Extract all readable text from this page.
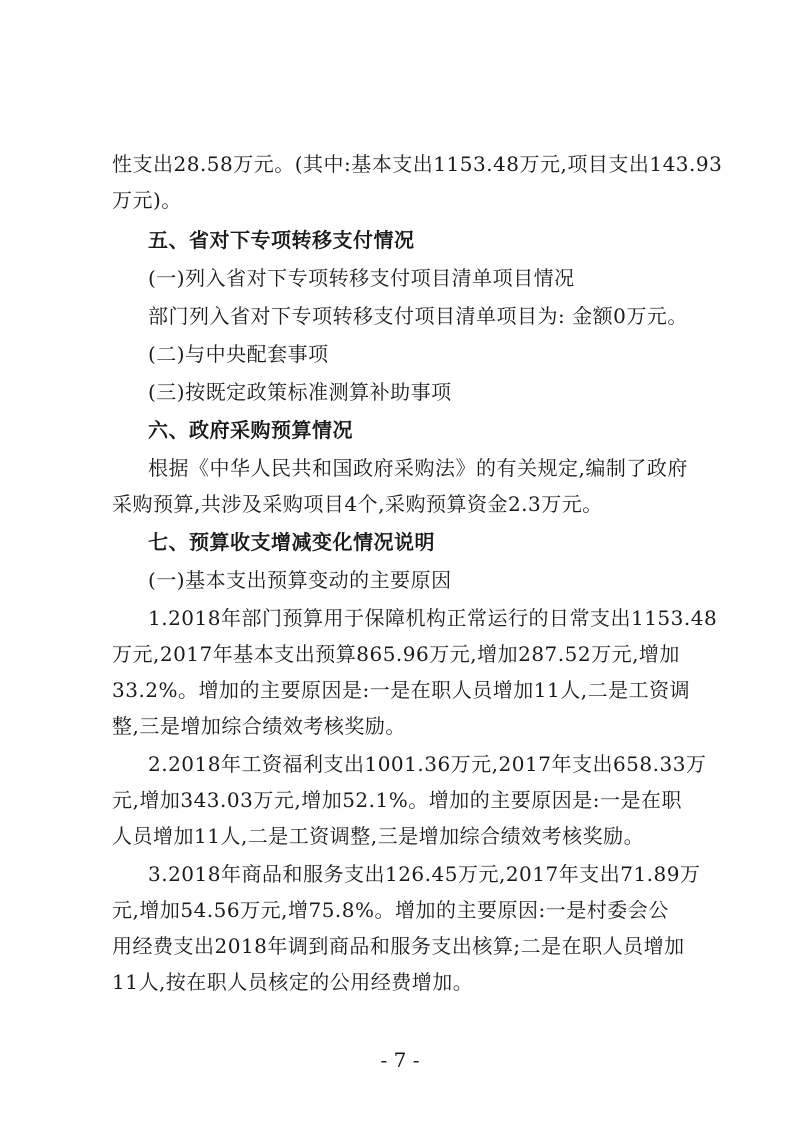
性支出28.58万元。(其中:基本支出1153.48万元,项目支出143.93
万元)。
五、省对下专项转移支付情况
(一)列入省对下专项转移支付项目清单项目情况
部门列入省对下专项转移支付项目清单项目为: 金额0万元。
(二)与中央配套事项
(三)按既定政策标准测算补助事项
六、政府采购预算情况
根据《中华人民共和国政府采购法》的有关规定,编制了政府
采购预算,共涉及采购项目4个,采购预算资金2.3万元。
七、预算收支增减变化情况说明
(一)基本支出预算变动的主要原因
1.2018年部门预算用于保障机构正常运行的日常支出1153.48
万元,2017年基本支出预算865.96万元,增加287.52万元,增加
33.2%。增加的主要原因是:一是在职人员增加11人,二是工资调
整,三是增加综合绩效考核奖励。
2.2018年工资福利支出1001.36万元,2017年支出658.33万
元,增加343.03万元,增加52.1%。增加的主要原因是:一是在职
人员增加11人,二是工资调整,三是增加综合绩效考核奖励。
3.2018年商品和服务支出126.45万元,2017年支出71.89万
元,增加54.56万元,增75.8%。增加的主要原因:一是村委会公
用经费支出2018年调到商品和服务支出核算;二是在职人员增加
11人,按在职人员核定的公用经费增加。
- 7 -
